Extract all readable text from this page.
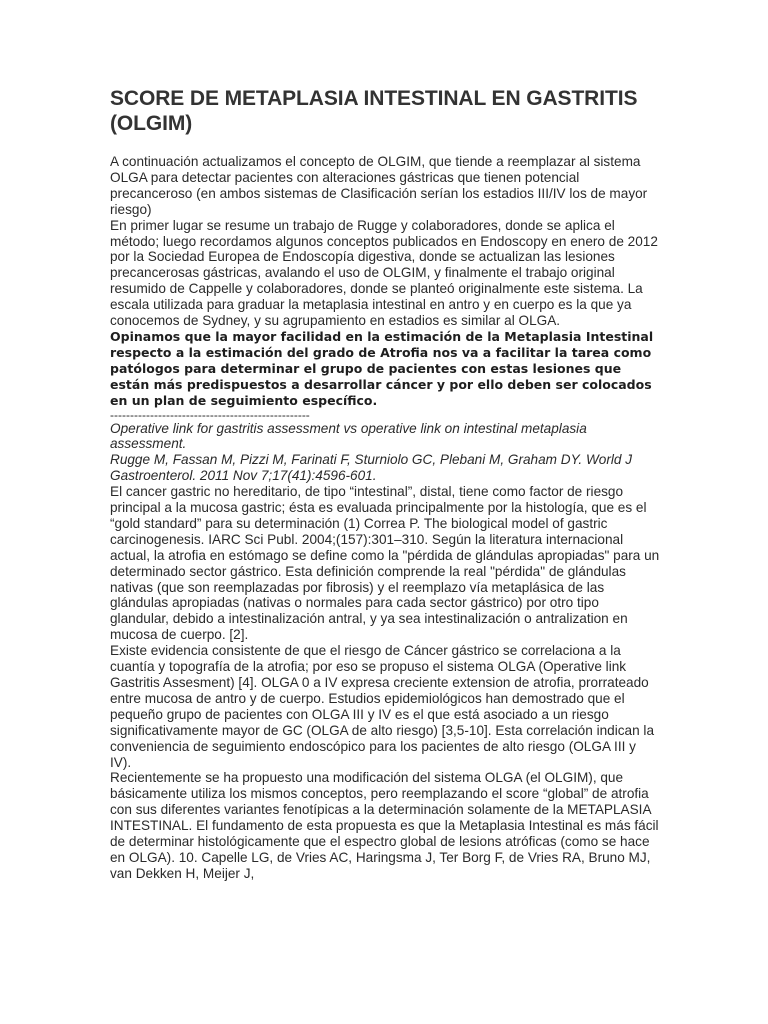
SCORE DE METAPLASIA INTESTINAL EN GASTRITIS (OLGIM)

A continuación actualizamos el concepto de OLGIM, que tiende a reemplazar al sistema OLGA para detectar pacientes con alteraciones gástricas que tienen potencial precanceroso (en ambos sistemas de Clasificación serían los estadios III/IV los de mayor riesgo)

En primer lugar se resume un trabajo de Rugge y colaboradores, donde se aplica el método; luego recordamos algunos conceptos publicados en Endoscopy en enero de 2012 por la Sociedad Europea de Endoscopía digestiva, donde se actualizan las lesiones precancerosas gástricas, avalando el uso de OLGIM, y finalmente el trabajo original resumido de Cappelle y colaboradores, donde se planteó originalmente este sistema. La escala utilizada para graduar la metaplasia intestinal en antro y en cuerpo es la que ya conocemos de Sydney, y su agrupamiento en estadios es similar al OLGA.

Opinamos que la mayor facilidad en la estimación de la Metaplasia Intestinal respecto a la estimación del grado de Atrofia nos va a facilitar la tarea como patólogos para determinar el grupo de pacientes con estas lesiones que están más predispuestos a desarrollar cáncer y por ello deben ser colocados en un plan de seguimiento específico.

--------------------------------------------------

Operative link for gastritis assessment vs operative link on intestinal metaplasia assessment.

Rugge M, Fassan M, Pizzi M, Farinati F, Sturniolo GC, Plebani M, Graham DY. World J Gastroenterol. 2011 Nov 7;17(41):4596-601.

El cancer gastric no hereditario, de tipo “intestinal”, distal, tiene como factor de riesgo principal a la mucosa gastric; ésta es evaluada principalmente por la histología, que es el “gold standard” para su determinación (1) Correa P. The biological model of gastric carcinogenesis. IARC Sci Publ. 2004;(157):301–310. Según la literatura internacional actual, la atrofia en estómago se define como la "pérdida de glándulas apropiadas" para un determinado sector gástrico. Esta definición comprende la real "pérdida" de glándulas nativas (que son reemplazadas por fibrosis) y el reemplazo vía metaplásica de las glándulas apropiadas (nativas o normales para cada sector gástrico) por otro tipo glandular, debido a intestinalización antral, y ya sea intestinalización o antralization en mucosa de cuerpo. [2].

Existe evidencia consistente de que el riesgo de Cáncer gástrico se correlaciona a la cuantía y topografía de la atrofia; por eso se propuso el sistema OLGA (Operative link Gastritis Assesment) [4]. OLGA 0 a IV expresa creciente extension de atrofia, prorrateado entre mucosa de antro y de cuerpo. Estudios epidemiológicos han demostrado que el pequeño grupo de pacientes con OLGA III y IV es el que está asociado a un riesgo significativamente mayor de GC (OLGA de alto riesgo) [3,5-10]. Esta correlación indican la conveniencia de seguimiento endoscópico para los pacientes de alto riesgo (OLGA III y IV).

Recientemente se ha propuesto una modificación del sistema OLGA (el OLGIM), que básicamente utiliza los mismos conceptos, pero reemplazando el score “global” de atrofia con sus diferentes variantes fenotípicas a la determinación solamente de la METAPLASIA INTESTINAL. El fundamento de esta propuesta es que la Metaplasia Intestinal es más fácil de determinar histológicamente que el espectro global de lesions atróficas (como se hace en OLGA). 10. Capelle LG, de Vries AC, Haringsma J, Ter Borg F, de Vries RA, Bruno MJ, van Dekken H, Meijer J,
